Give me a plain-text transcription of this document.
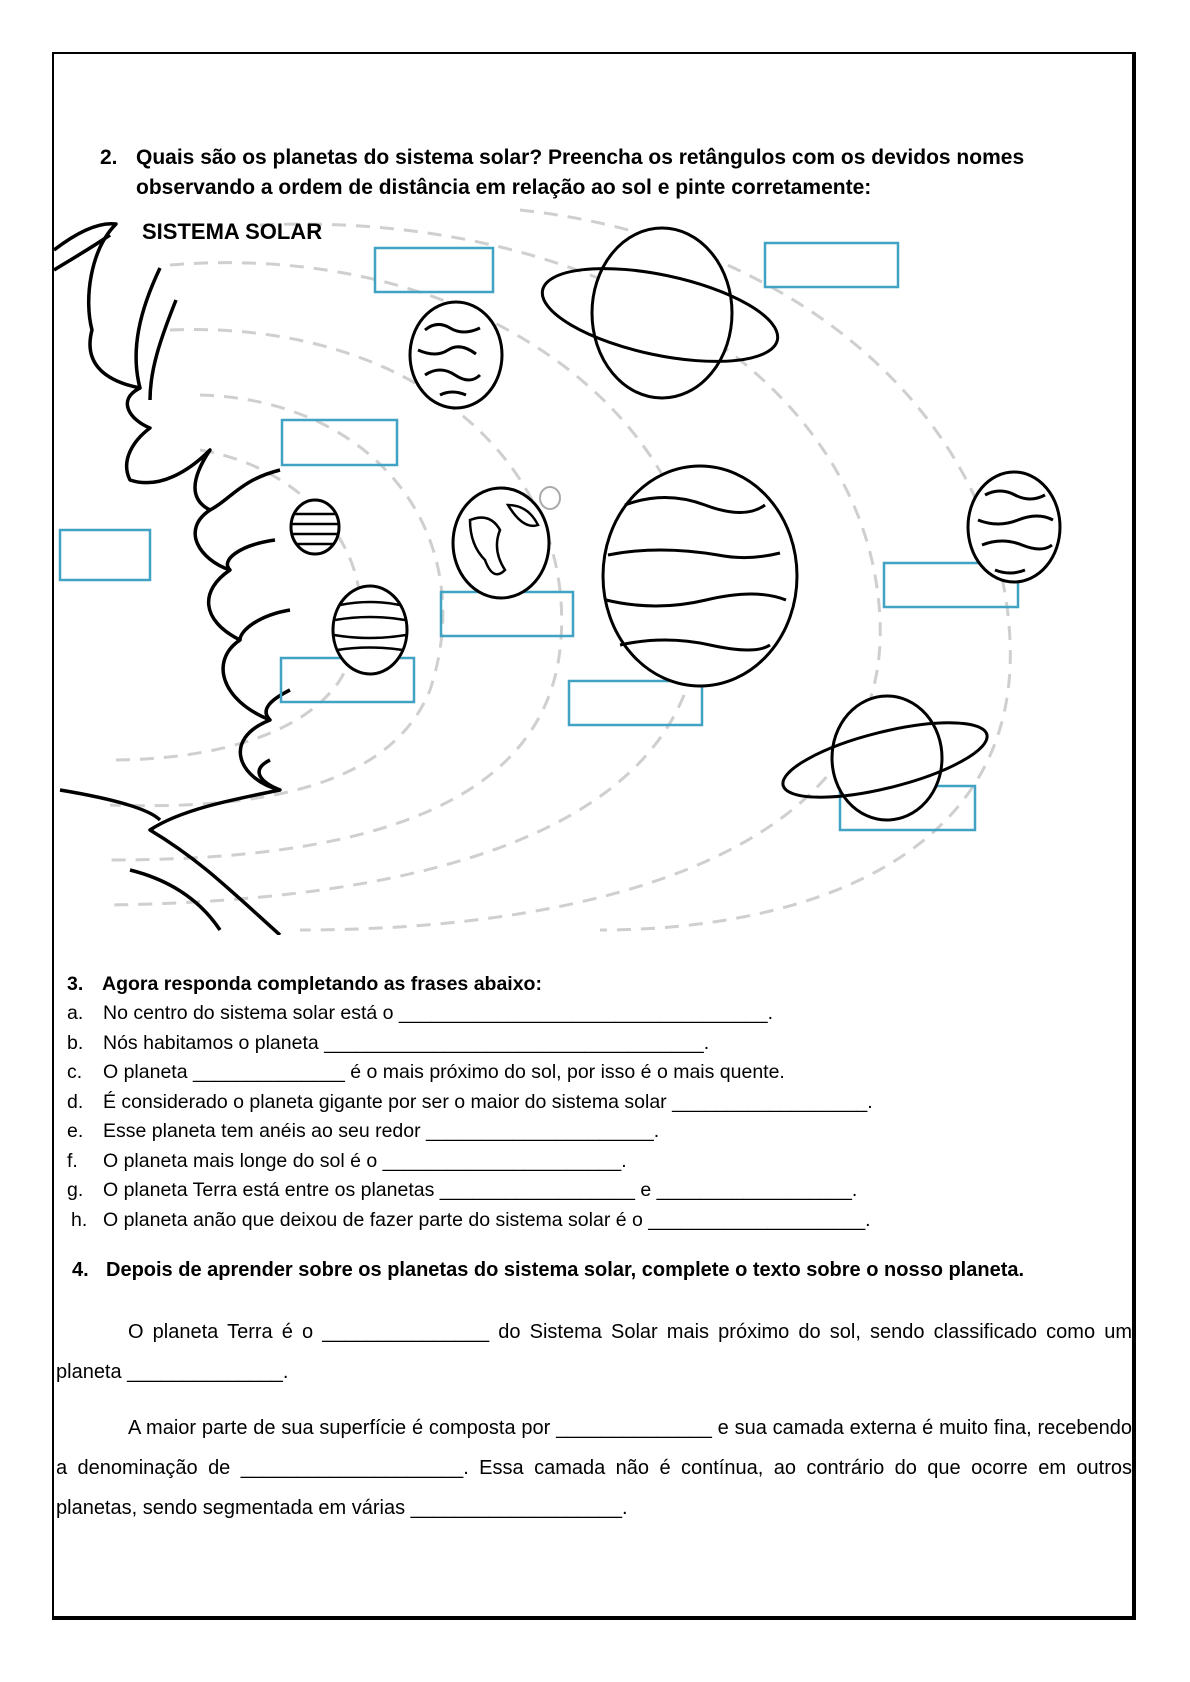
2. Quais são os planetas do sistema solar? Preencha os retângulos com os devidos nomes observando a ordem de distância em relação ao sol e pinte corretamente:
SISTEMA SOLAR
3. Agora responda completando as frases abaixo:
a. No centro do sistema solar está o __________________________________.
b. Nós habitamos o planeta ___________________________________.
c. O planeta ______________ é o mais próximo do sol, por isso é o mais quente.
d. É considerado o planeta gigante por ser o maior do sistema solar __________________.
e. Esse planeta tem anéis ao seu redor _____________________.
f. O planeta mais longe do sol é o ______________________.
g. O planeta Terra está entre os planetas __________________ e __________________.
h. O planeta anão que deixou de fazer parte do sistema solar é o ____________________.
4. Depois de aprender sobre os planetas do sistema solar, complete o texto sobre o nosso planeta.
O planeta Terra é o _______________ do Sistema Solar mais próximo do sol, sendo classificado como um planeta ______________.
A maior parte de sua superfície é composta por ______________ e sua camada externa é muito fina, recebendo a denominação de ____________________. Essa camada não é contínua, ao contrário do que ocorre em outros planetas, sendo segmentada em várias ___________________.
